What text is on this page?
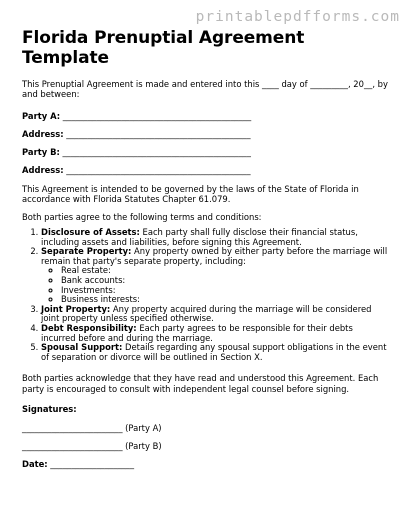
printablepdfforms.com
Florida Prenuptial Agreement Template

This Prenuptial Agreement is made and entered into this ____ day of _________, 20__, by and between:

Party A: _____________________________________________
Address: ____________________________________________
Party B: _____________________________________________
Address: ____________________________________________

This Agreement is intended to be governed by the laws of the State of Florida in accordance with Florida Statutes Chapter 61.079.

Both parties agree to the following terms and conditions:

1. Disclosure of Assets: Each party shall fully disclose their financial status, including assets and liabilities, before signing this Agreement.
2. Separate Property: Any property owned by either party before the marriage will remain that party's separate property, including:
◦ Real estate:
◦ Bank accounts:
◦ Investments:
◦ Business interests:
3. Joint Property: Any property acquired during the marriage will be considered joint property unless specified otherwise.
4. Debt Responsibility: Each party agrees to be responsible for their debts incurred before and during the marriage.
5. Spousal Support: Details regarding any spousal support obligations in the event of separation or divorce will be outlined in Section X.

Both parties acknowledge that they have read and understood this Agreement. Each party is encouraged to consult with independent legal counsel before signing.

Signatures:
________________________ (Party A)
________________________ (Party B)
Date: ____________________
